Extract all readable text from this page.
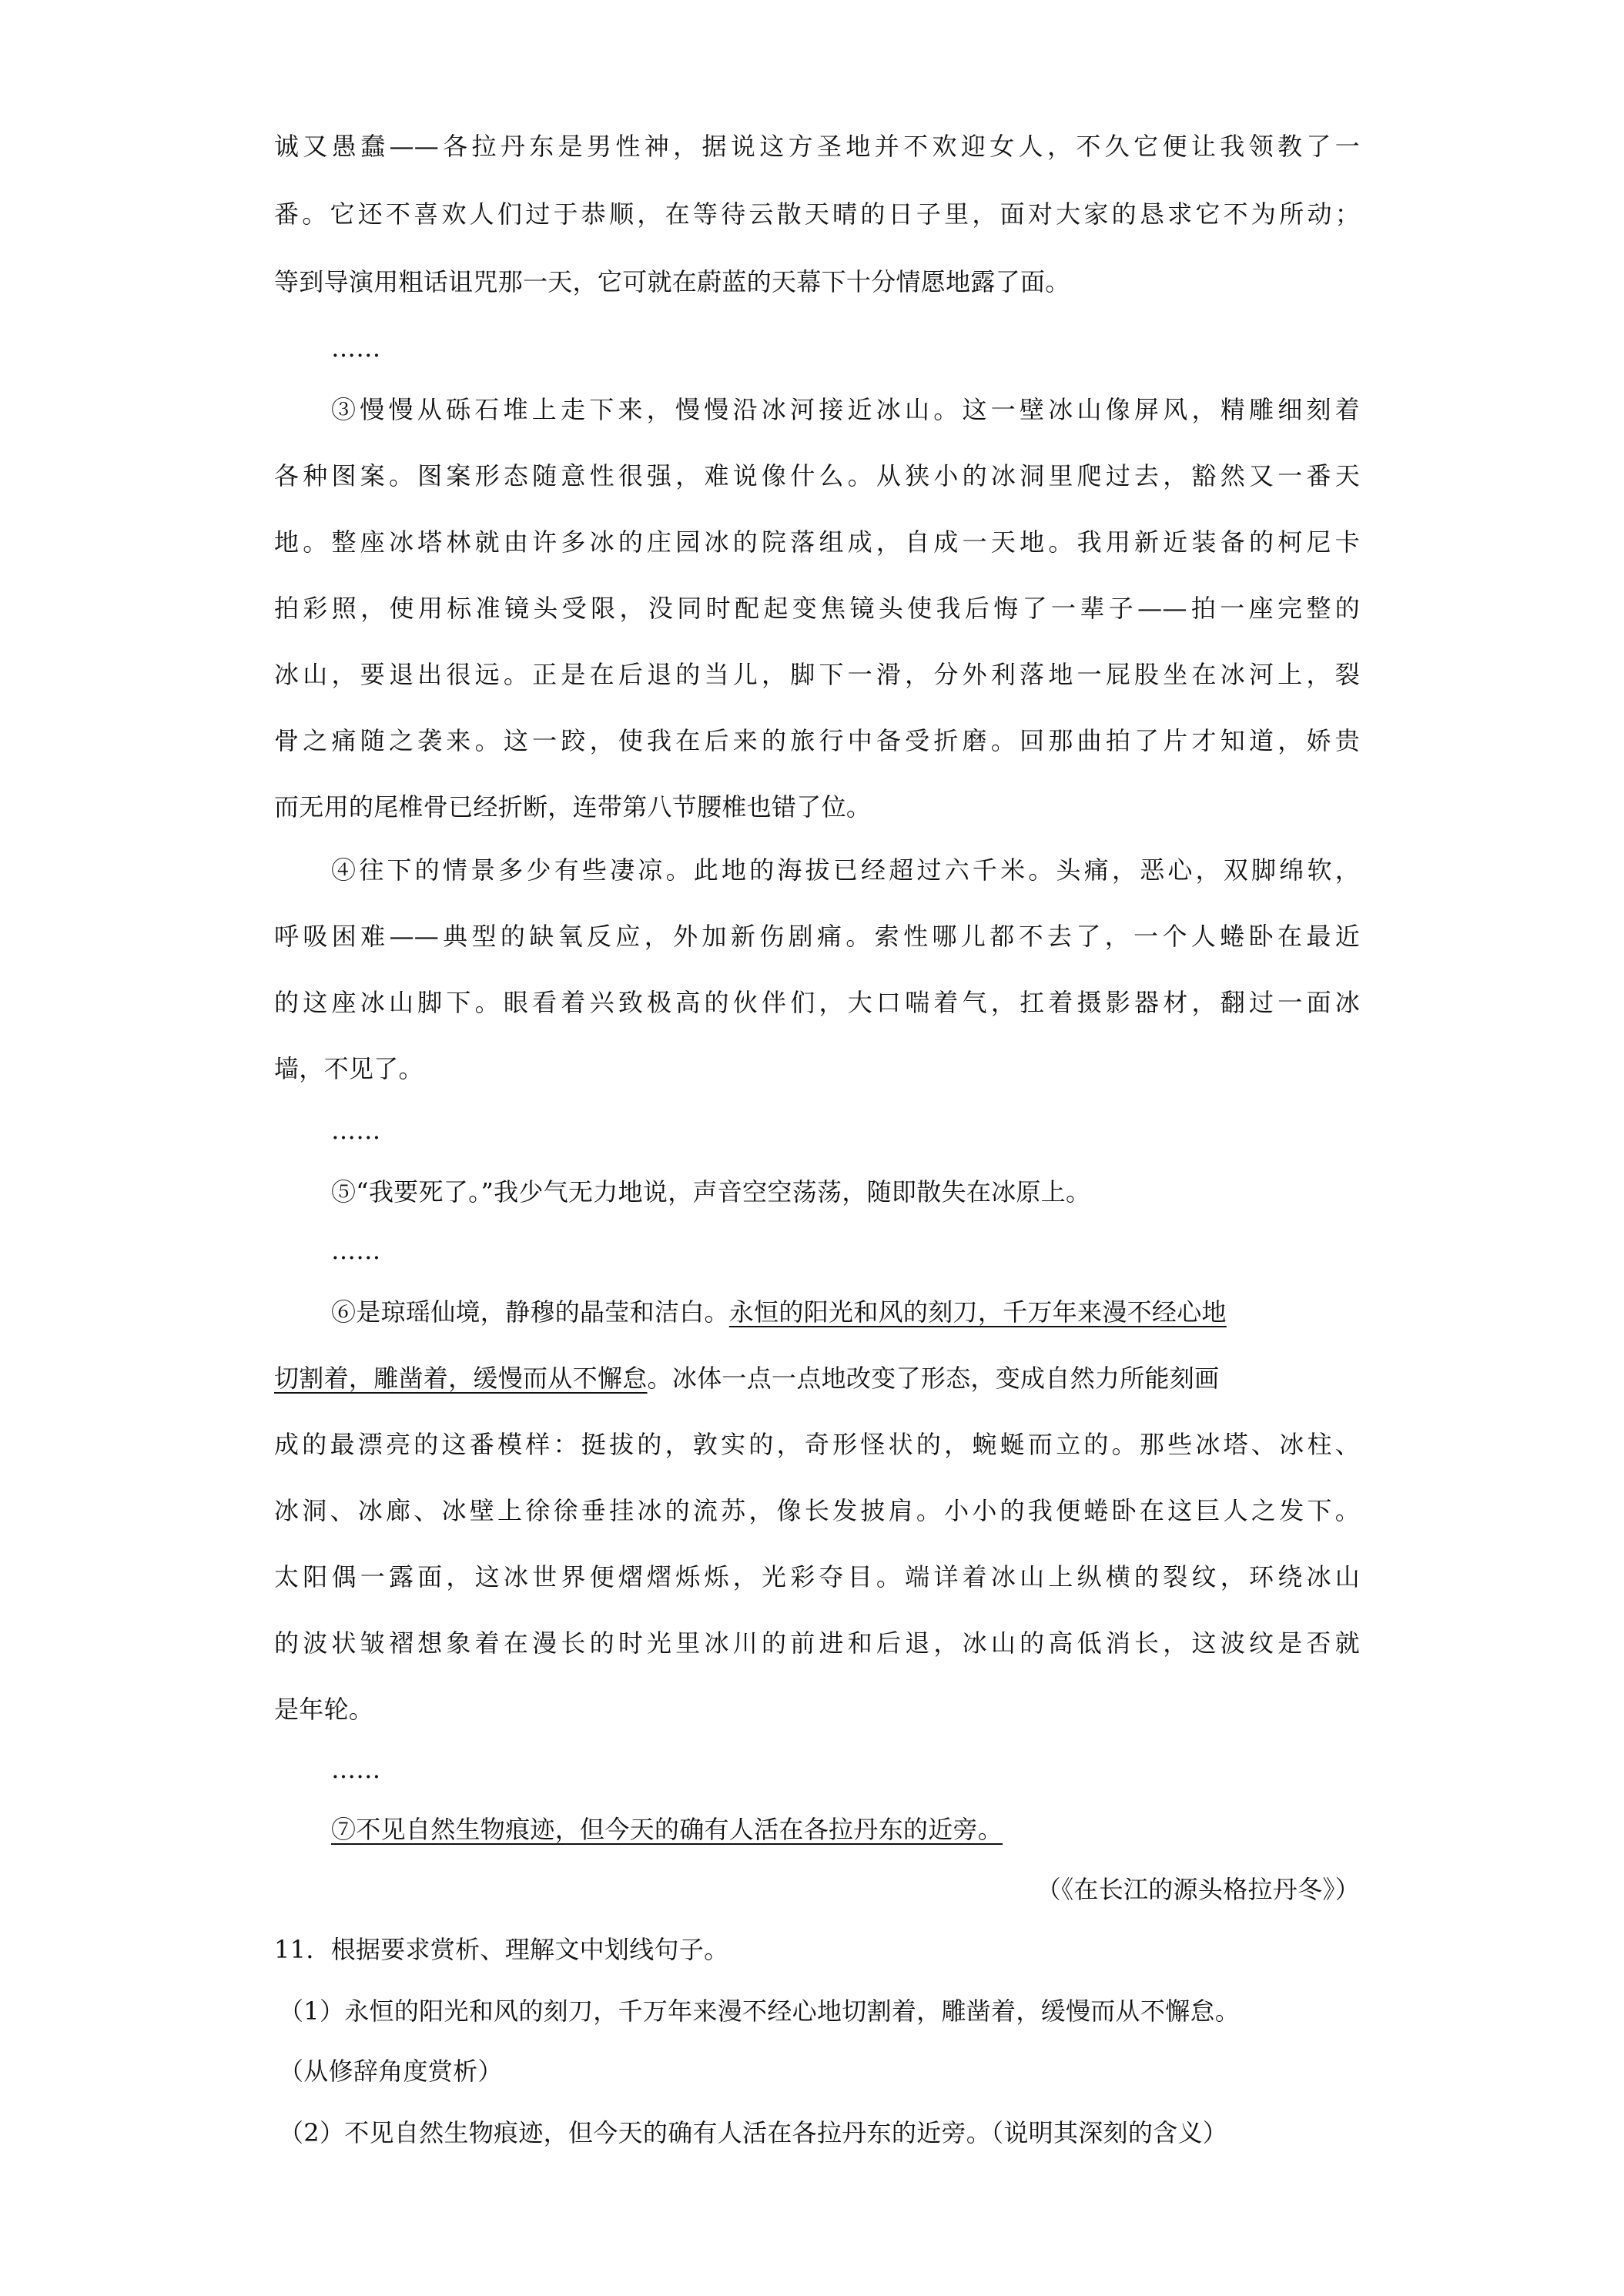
诚又愚蠢——各拉丹东是男性神，据说这方圣地并不欢迎女人，不久它便让我领教了一
番。它还不喜欢人们过于恭顺，在等待云散天晴的日子里，面对大家的恳求它不为所动；
等到导演用粗话诅咒那一天，它可就在蔚蓝的天幕下十分情愿地露了面。
……
③慢慢从砾石堆上走下来，慢慢沿冰河接近冰山。这一壁冰山像屏风，精雕细刻着
各种图案。图案形态随意性很强，难说像什么。从狭小的冰洞里爬过去，豁然又一番天
地。整座冰塔林就由许多冰的庄园冰的院落组成，自成一天地。我用新近装备的柯尼卡
拍彩照，使用标准镜头受限，没同时配起变焦镜头使我后悔了一辈子——拍一座完整的
冰山，要退出很远。正是在后退的当儿，脚下一滑，分外利落地一屁股坐在冰河上，裂
骨之痛随之袭来。这一跤，使我在后来的旅行中备受折磨。回那曲拍了片才知道，娇贵
而无用的尾椎骨已经折断，连带第八节腰椎也错了位。
④往下的情景多少有些凄凉。此地的海拔已经超过六千米。头痛，恶心，双脚绵软，
呼吸困难——典型的缺氧反应，外加新伤剧痛。索性哪儿都不去了，一个人蜷卧在最近
的这座冰山脚下。眼看着兴致极高的伙伴们，大口喘着气，扛着摄影器材，翻过一面冰
墙，不见了。
……
⑤“我要死了。”我少气无力地说，声音空空荡荡，随即散失在冰原上。
……
⑥是琼瑶仙境，静穆的晶莹和洁白。永恒的阳光和风的刻刀，千万年来漫不经心地
切割着，雕凿着，缓慢而从不懈怠。冰体一点一点地改变了形态，变成自然力所能刻画
成的最漂亮的这番模样：挺拔的，敦实的，奇形怪状的，蜿蜒而立的。那些冰塔、冰柱、
冰洞、冰廊、冰壁上徐徐垂挂冰的流苏，像长发披肩。小小的我便蜷卧在这巨人之发下。
太阳偶一露面，这冰世界便熠熠烁烁，光彩夺目。端详着冰山上纵横的裂纹，环绕冰山
的波状皱褶想象着在漫长的时光里冰川的前进和后退，冰山的高低消长，这波纹是否就
是年轮。
……
⑦不见自然生物痕迹，但今天的确有人活在各拉丹东的近旁。
（《在长江的源头格拉丹冬》）
11．根据要求赏析、理解文中划线句子。
（1）永恒的阳光和风的刻刀，千万年来漫不经心地切割着，雕凿着，缓慢而从不懈怠。
（从修辞角度赏析）
（2）不见自然生物痕迹，但今天的确有人活在各拉丹东的近旁。（说明其深刻的含义）
